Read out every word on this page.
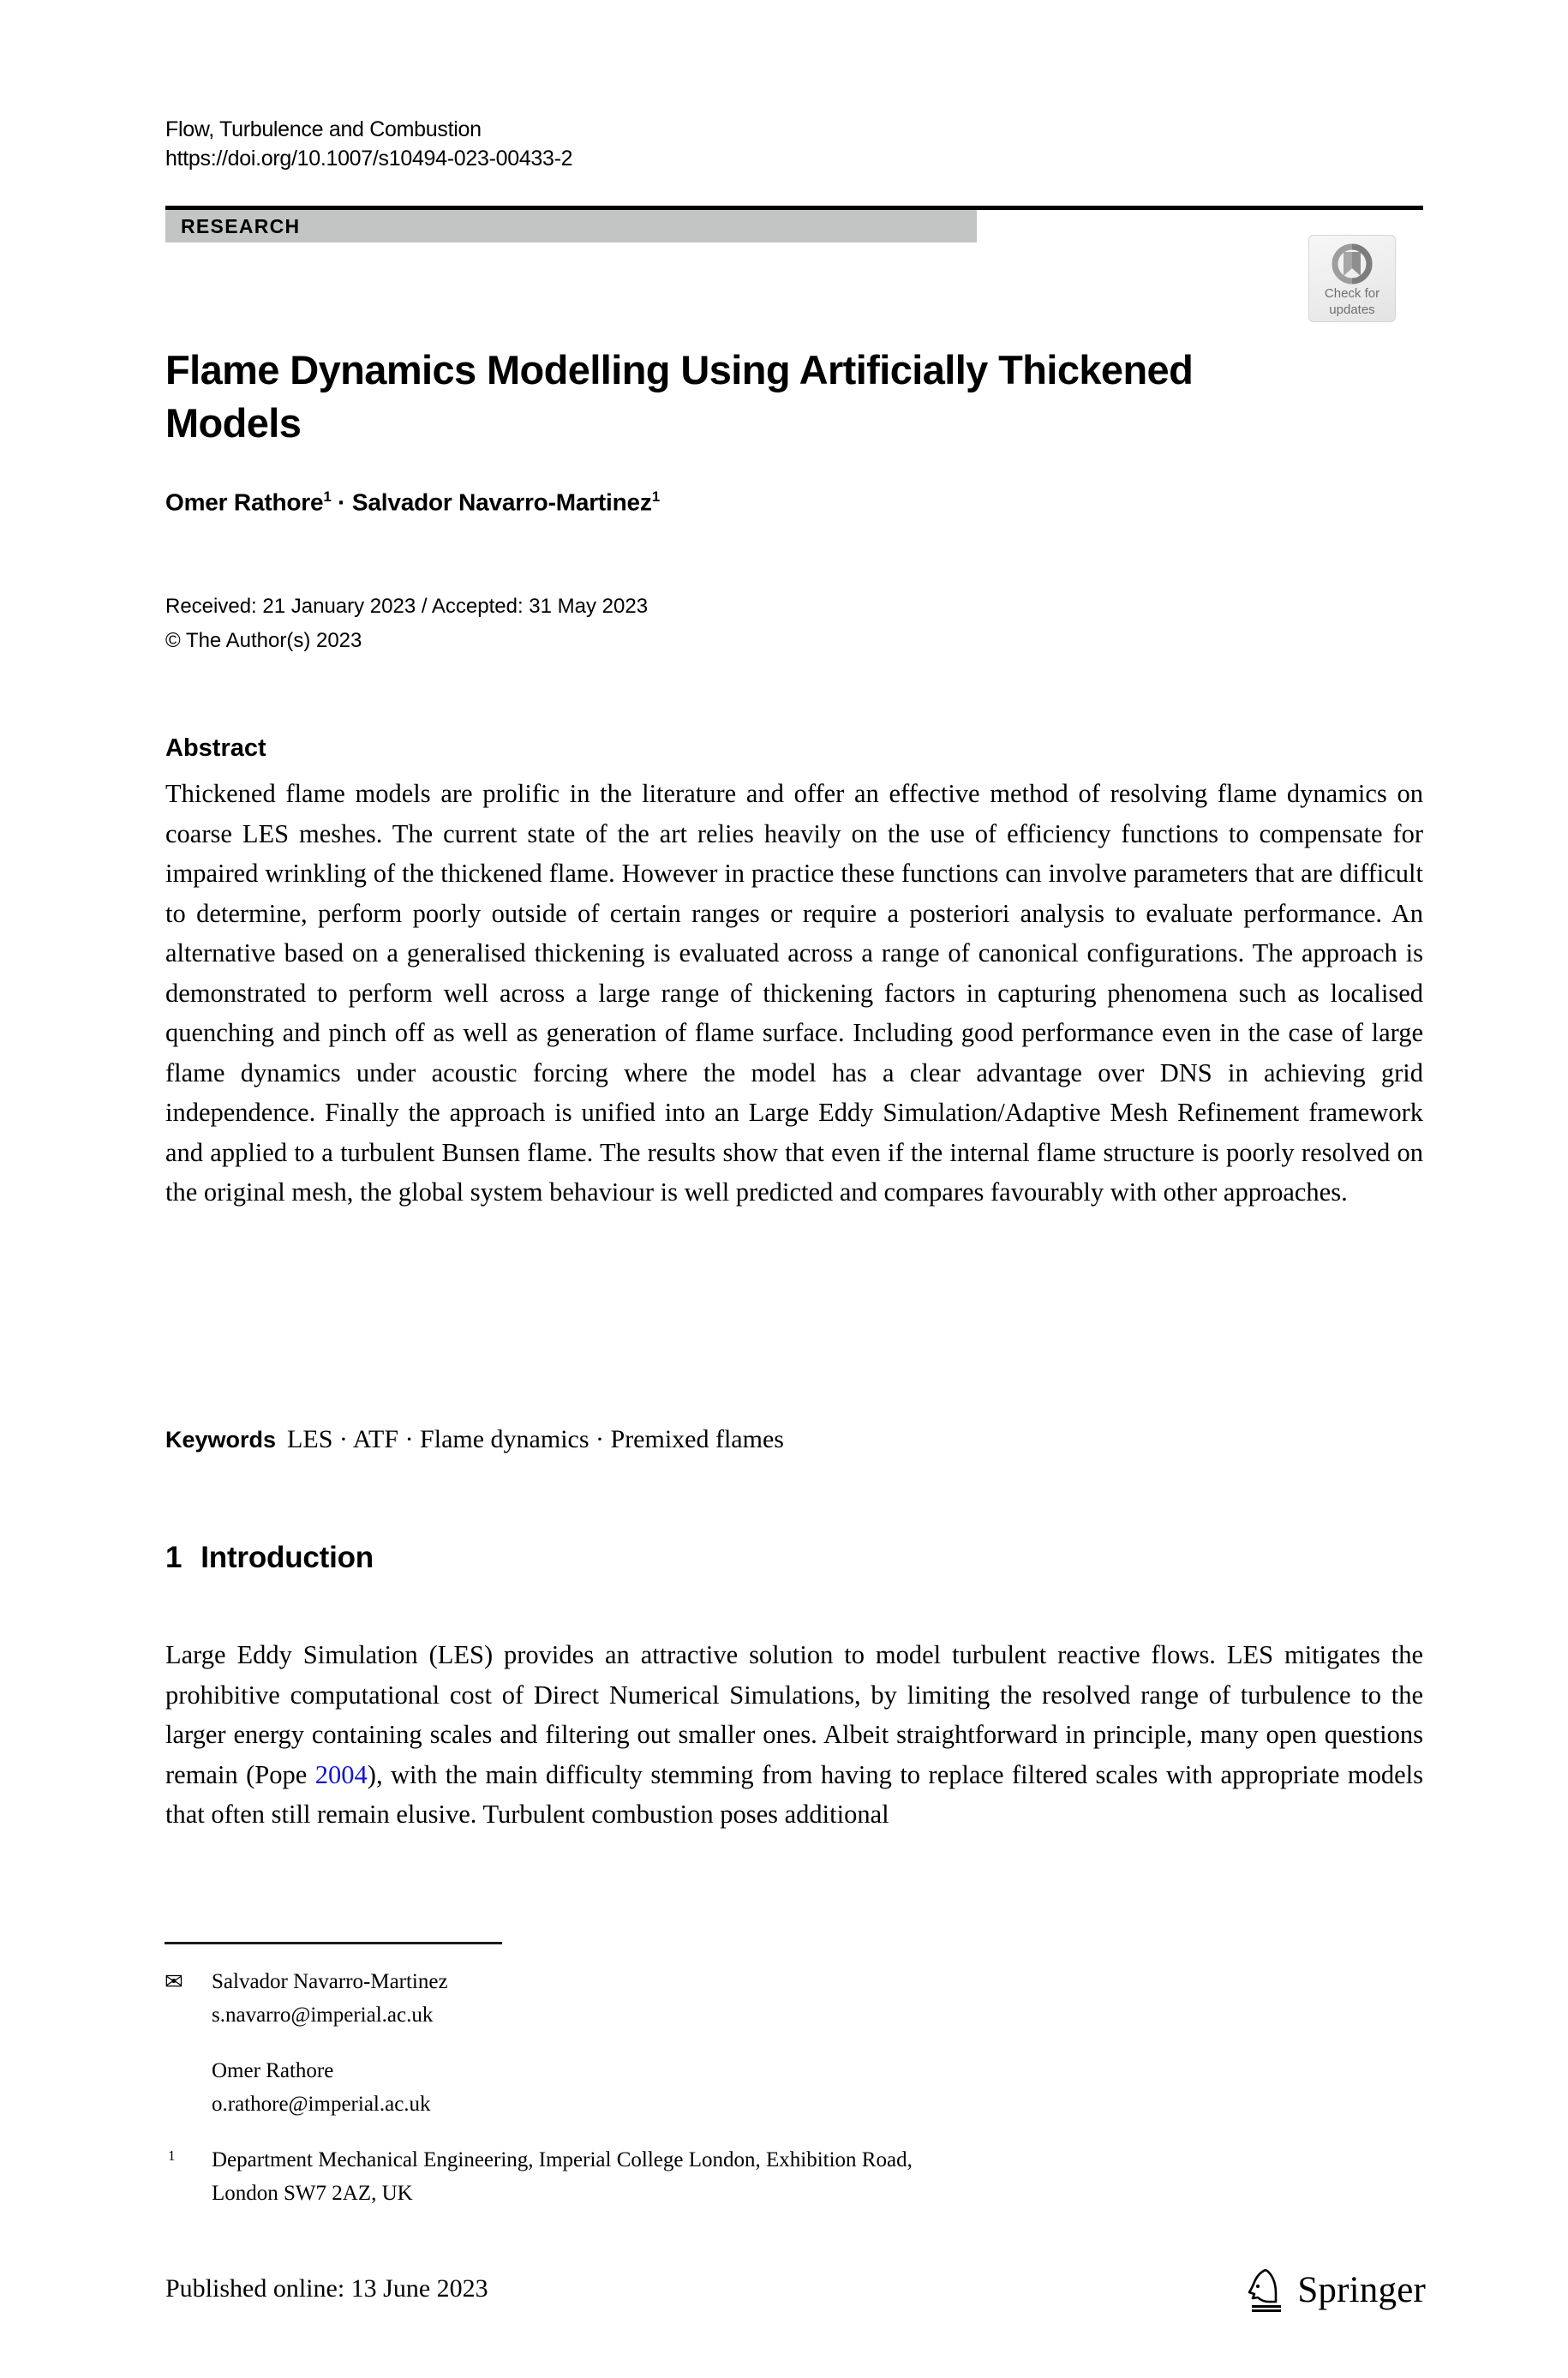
Flow, Turbulence and Combustion
https://doi.org/10.1007/s10494-023-00433-2
RESEARCH
Check for
updates
Flame Dynamics Modelling Using Artificially Thickened Models
Omer Rathore$^1$ · Salvador Navarro-Martinez$^1$
Received: 21 January 2023 / Accepted: 31 May 2023
© The Author(s) 2023
Abstract
Thickened flame models are prolific in the literature and offer an effective method of resolving flame dynamics on coarse LES meshes. The current state of the art relies heavily on the use of efficiency functions to compensate for impaired wrinkling of the thickened flame. However in practice these functions can involve parameters that are difficult to determine, perform poorly outside of certain ranges or require a posteriori analysis to evaluate performance. An alternative based on a generalised thickening is evaluated across a range of canonical configurations. The approach is demonstrated to perform well across a large range of thickening factors in capturing phenomena such as localised quenching and pinch off as well as generation of flame surface. Including good performance even in the case of large flame dynamics under acoustic forcing where the model has a clear advantage over DNS in achieving grid independence. Finally the approach is unified into an Large Eddy Simulation/Adaptive Mesh Refinement framework and applied to a turbulent Bunsen flame. The results show that even if the internal flame structure is poorly resolved on the original mesh, the global system behaviour is well predicted and compares favourably with other approaches.
Keywords LES · ATF · Flame dynamics · Premixed flames
1 Introduction
Large Eddy Simulation (LES) provides an attractive solution to model turbulent reactive flows. LES mitigates the prohibitive computational cost of Direct Numerical Simulations, by limiting the resolved range of turbulence to the larger energy containing scales and filtering out smaller ones. Albeit straightforward in principle, many open questions remain (Pope 2004), with the main difficulty stemming from having to replace filtered scales with appropriate models that often still remain elusive. Turbulent combustion poses additional
✉	Salvador Navarro-Martinez
s.navarro@imperial.ac.uk
Omer Rathore
o.rathore@imperial.ac.uk
1	Department Mechanical Engineering, Imperial College London, Exhibition Road,
London SW7 2AZ, UK
Published online: 13 June 2023	Springer
